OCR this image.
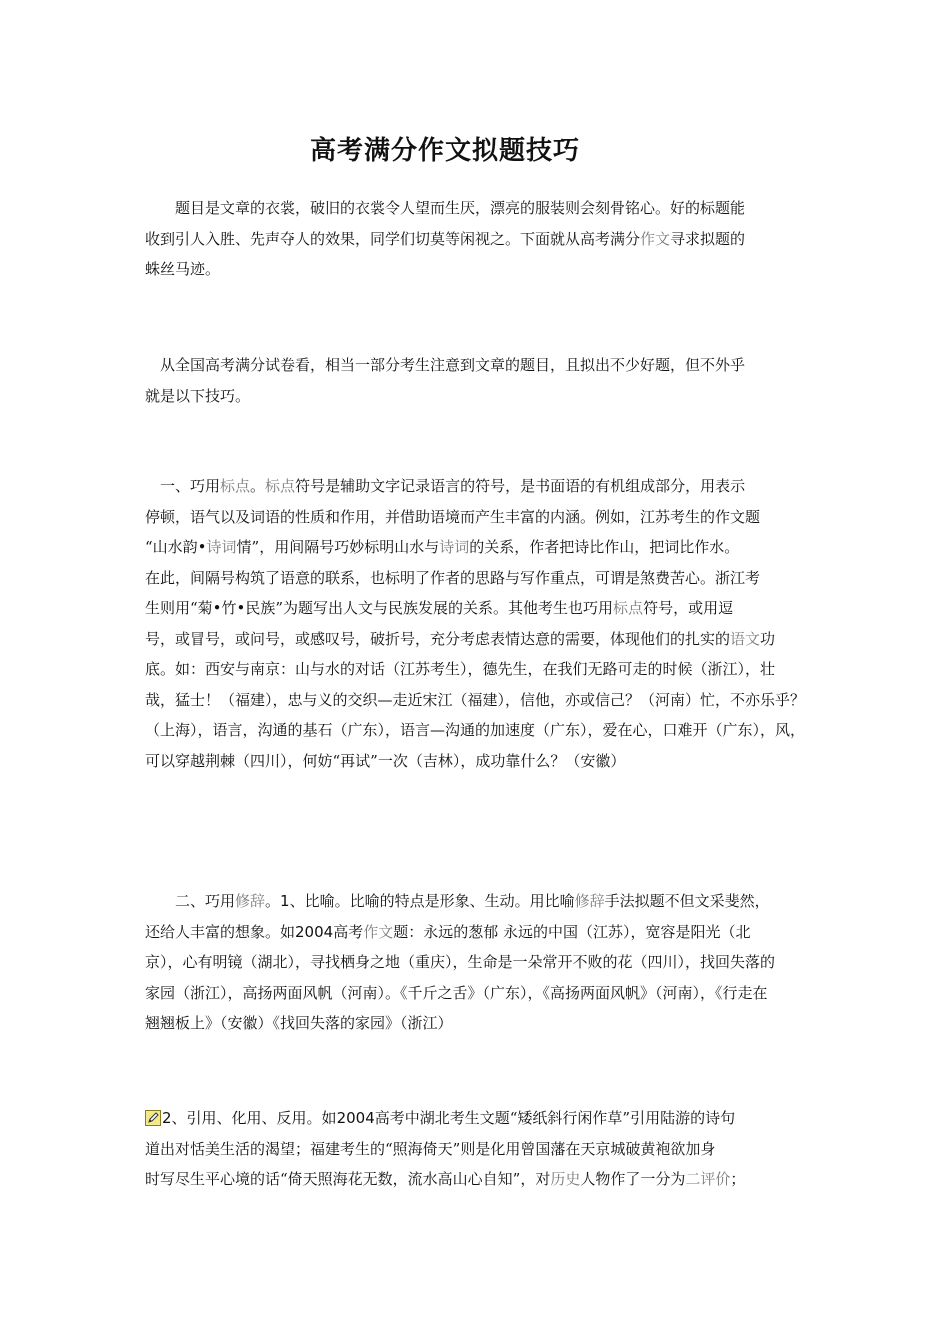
高考满分作文拟题技巧
　　题目是文章的衣裳，破旧的衣裳令人望而生厌，漂亮的服装则会刻骨铭心。好的标题能
收到引人入胜、先声夺人的效果，同学们切莫等闲视之。下面就从高考满分作文寻求拟题的
蛛丝马迹。
　从全国高考满分试卷看，相当一部分考生注意到文章的题目，且拟出不少好题，但不外乎
就是以下技巧。
　一、巧用标点。标点符号是辅助文字记录语言的符号，是书面语的有机组成部分，用表示
停顿，语气以及词语的性质和作用，并借助语境而产生丰富的内涵。例如，江苏考生的作文题
“山水韵•诗词情”，用间隔号巧妙标明山水与诗词的关系，作者把诗比作山，把词比作水。
在此，间隔号构筑了语意的联系，也标明了作者的思路与写作重点，可谓是煞费苦心。浙江考
生则用“菊•竹•民族”为题写出人文与民族发展的关系。其他考生也巧用标点符号，或用逗
号，或冒号，或问号，或感叹号，破折号，充分考虑表情达意的需要，体现他们的扎实的语文功
底。如：西安与南京：山与水的对话（江苏考生），德先生，在我们无路可走的时候（浙江），壮
哉，猛士！（福建），忠与义的交织—走近宋江（福建），信他，亦或信己？（河南）忙，不亦乐乎？
（上海），语言，沟通的基石（广东），语言—沟通的加速度（广东），爱在心，口难开（广东），风，
可以穿越荆棘（四川），何妨“再试”一次（吉林），成功靠什么？（安徽）
　　二、巧用修辞。1、比喻。比喻的特点是形象、生动。用比喻修辞手法拟题不但文采斐然，
还给人丰富的想象。如2004高考作文题：永远的葱郁 永远的中国（江苏），宽容是阳光（北
京），心有明镜（湖北），寻找栖身之地（重庆），生命是一朵常开不败的花（四川），找回失落的
家园（浙江），高扬两面风帆（河南）。《千斤之舌》（广东），《高扬两面风帆》（河南），《行走在
翘翘板上》（安徽）《找回失落的家园》（浙江）
2、引用、化用、反用。如2004高考中湖北考生文题“矮纸斜行闲作草”引用陆游的诗句
道出对恬美生活的渴望；福建考生的“照海倚天”则是化用曾国藩在天京城破黄袍欲加身
时写尽生平心境的话“倚天照海花无数，流水高山心自知”，对历史人物作了一分为二评价；
